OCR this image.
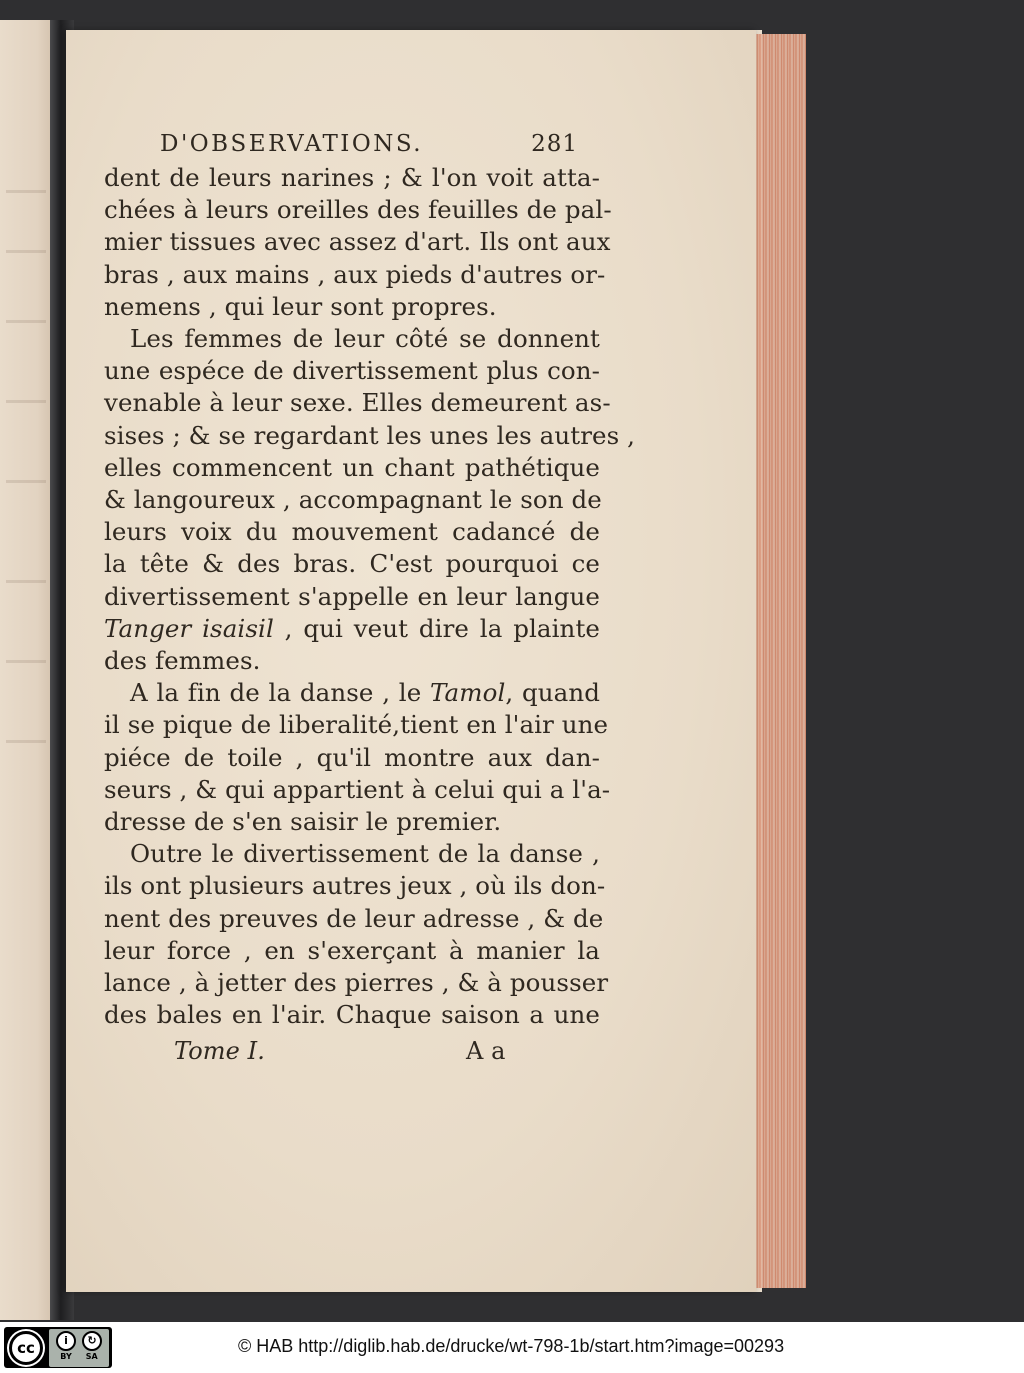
D'OBSERVATIONS.	281
dent de leurs narines ; & l'on voit atta-
chées à leurs oreilles des feuilles de pal-
mier tissues avec assez d'art. Ils ont aux
bras , aux mains , aux pieds d'autres or-
nemens , qui leur sont propres.
Les femmes de leur côté se donnent
une espéce de divertissement plus con-
venable à leur sexe. Elles demeurent as-
sises ; & se regardant les unes les autres ,
elles commencent un chant pathétique
& langoureux , accompagnant le son de
leurs voix du mouvement cadancé de
la tête & des bras. C'est pourquoi ce
divertissement s'appelle en leur langue
Tanger isaisil , qui veut dire la plainte
des femmes.
A la fin de la danse , le Tamol, quand
il se pique de liberalité,tient en l'air une
piéce de toile , qu'il montre aux dan-
seurs , & qui appartient à celui qui a l'a-
dresse de s'en saisir le premier.
Outre le divertissement de la danse ,
ils ont plusieurs autres jeux , où ils don-
nent des preuves de leur adresse , & de
leur force , en s'exerçant à manier la
lance , à jetter des pierres , & à pousser
des bales en l'air. Chaque saison a une
Tome I.	A a
cc	i	↻
BY SA	© HAB http://diglib.hab.de/drucke/wt-798-1b/start.htm?image=00293
